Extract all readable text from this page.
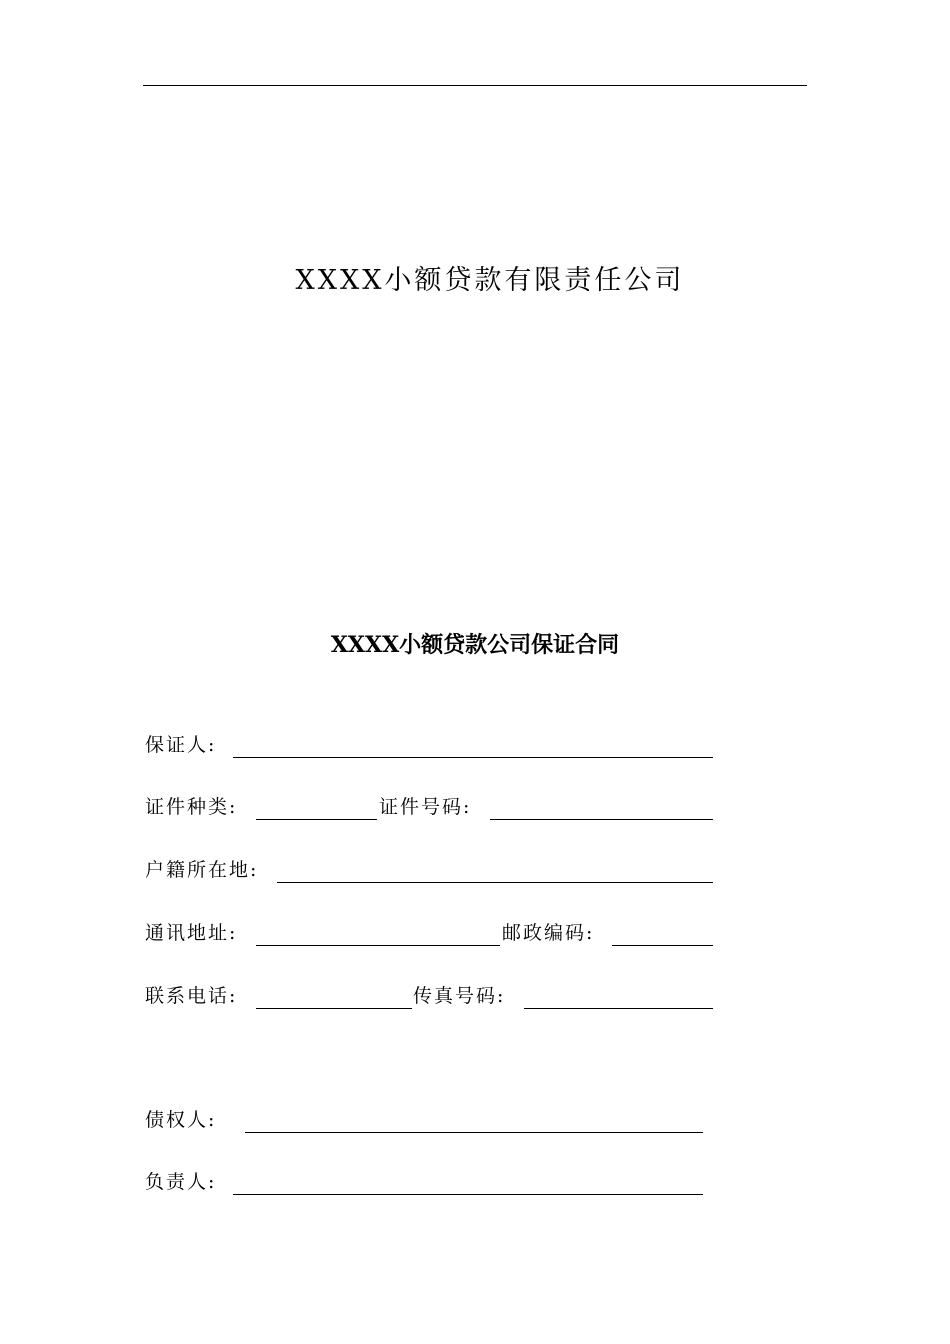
XXXX小额贷款有限责任公司
XXXX小额贷款公司保证合同
保证人:
证件种类:	证件号码:
户籍所在地:
通讯地址:	邮政编码:
联系电话:	传真号码:
债权人:
负责人:
